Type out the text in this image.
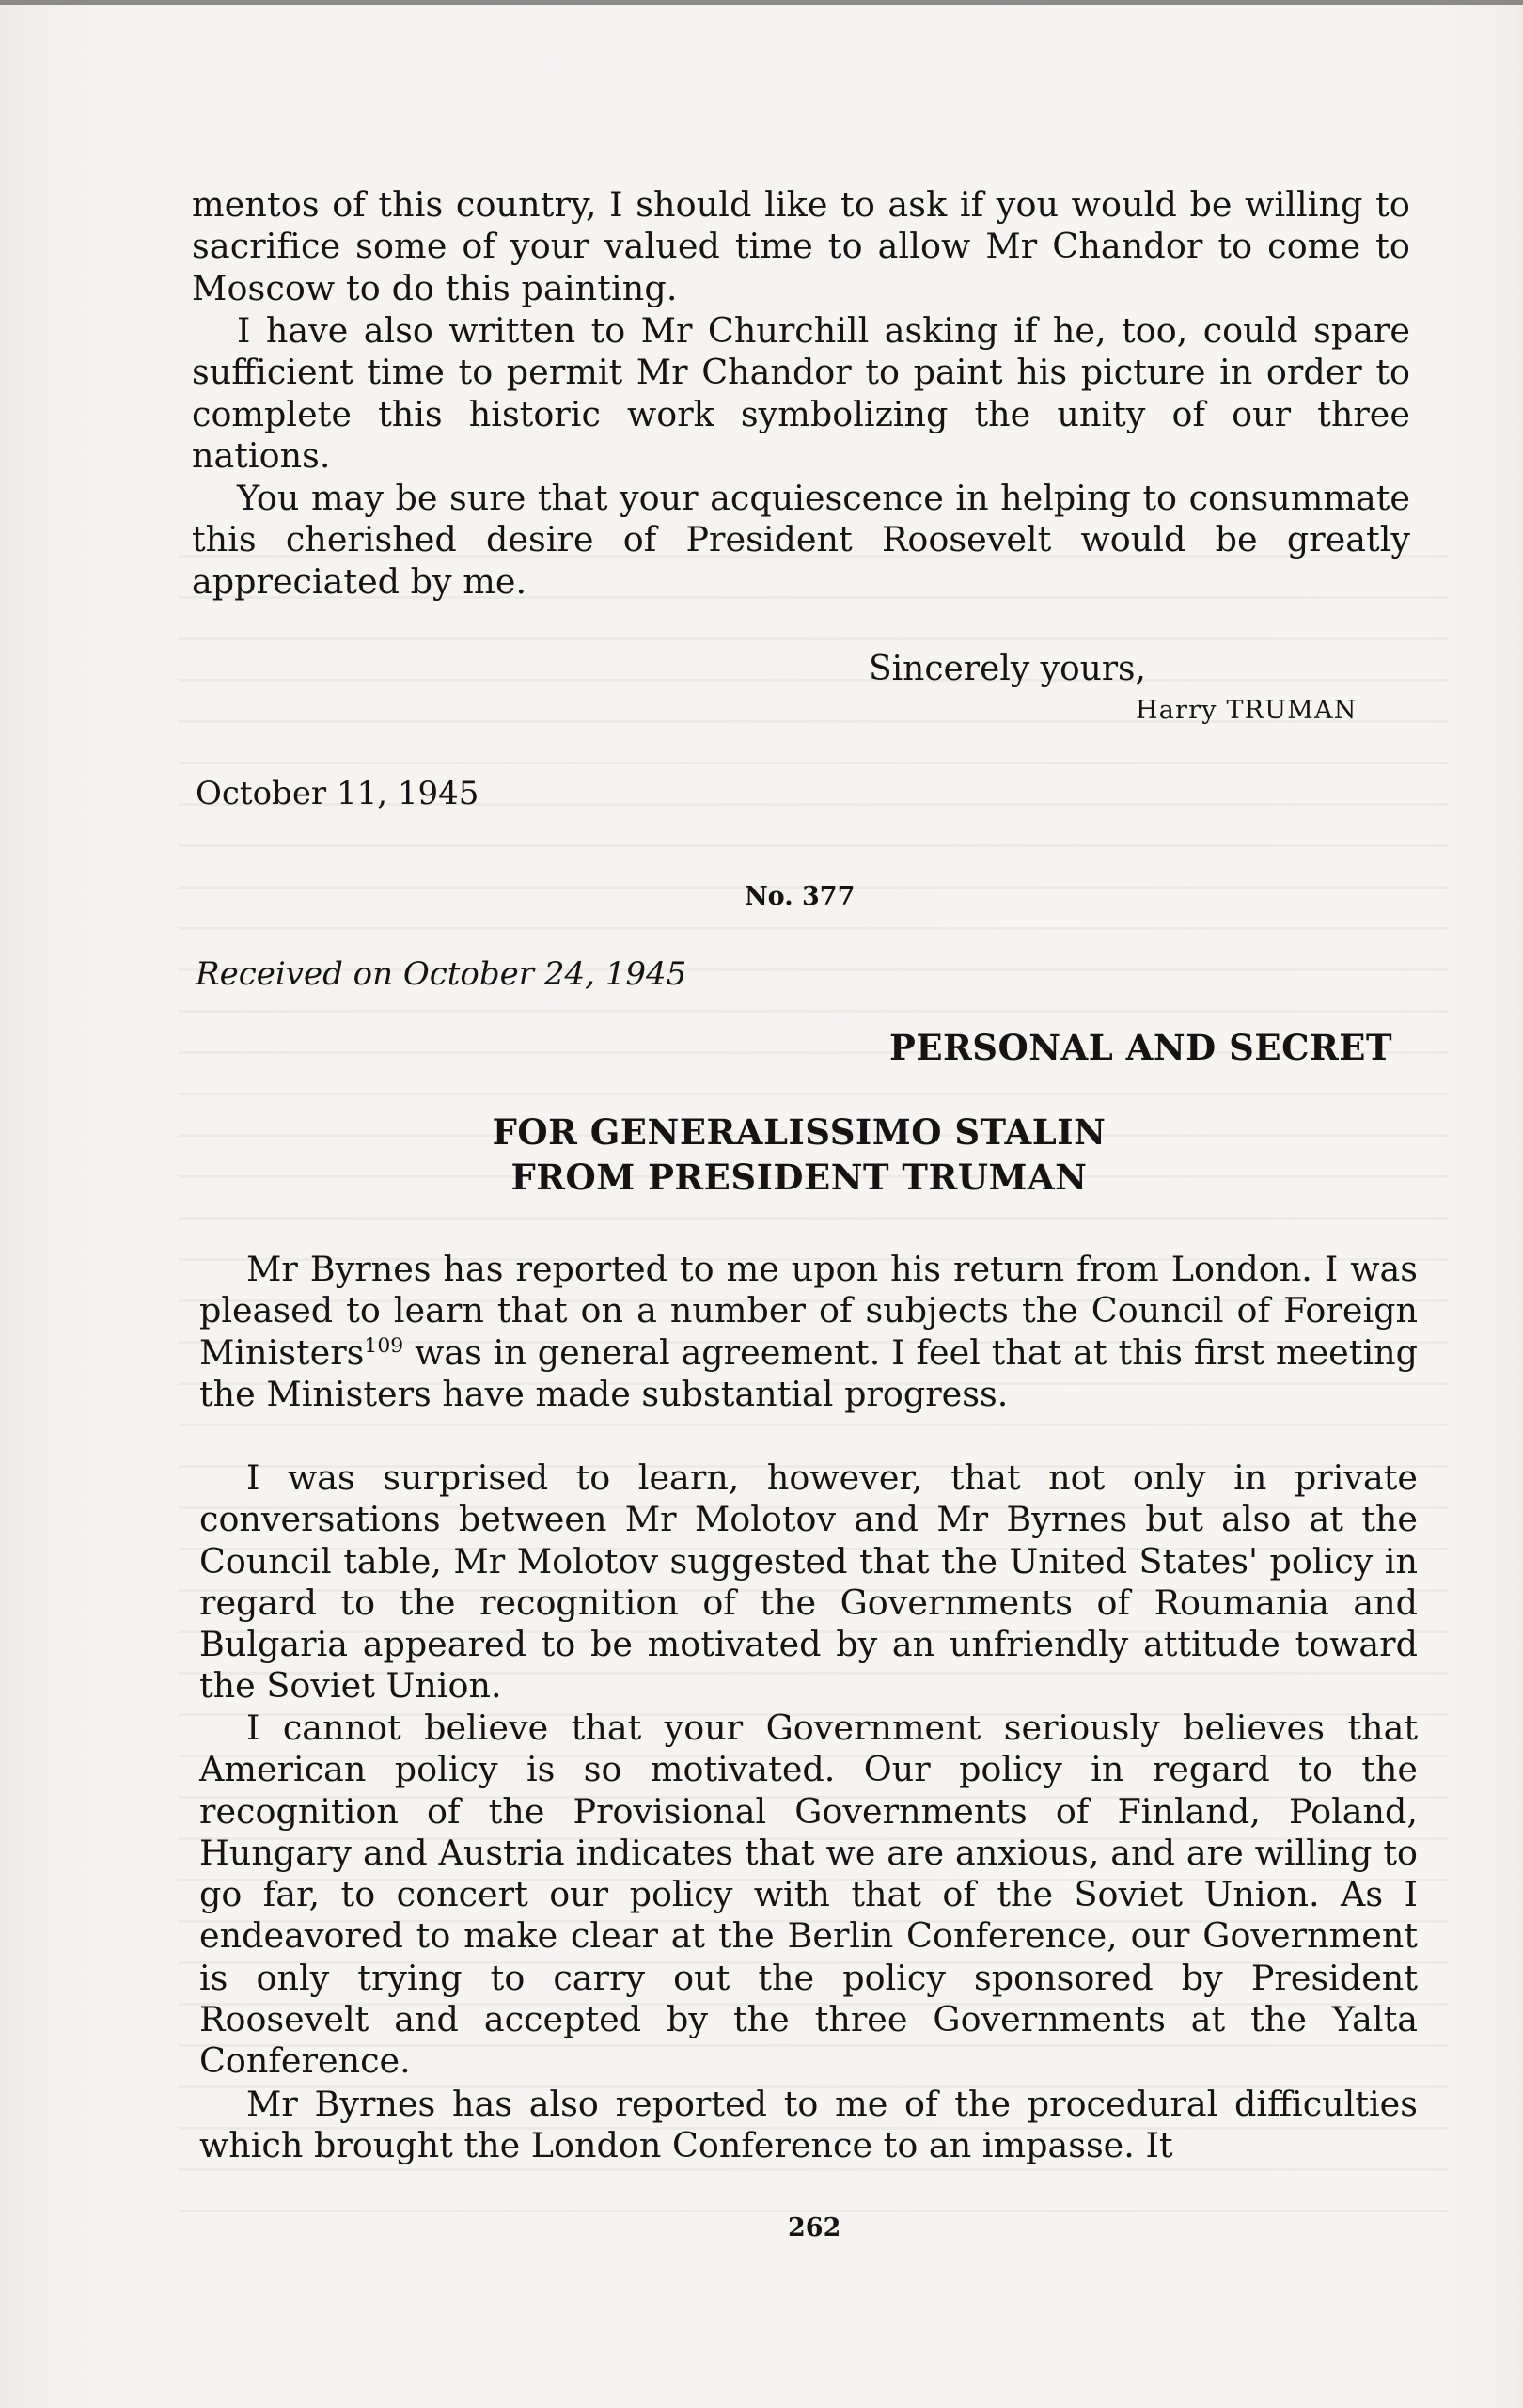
mentos of this country, I should like to ask if you would be willing to sacrifice some of your valued time to allow Mr Chandor to come to Moscow to do this painting.

I have also written to Mr Churchill asking if he, too, could spare sufficient time to permit Mr Chandor to paint his picture in order to complete this historic work symbolizing the unity of our three nations.

You may be sure that your acquiescence in helping to consummate this cherished desire of President Roosevelt would be greatly appreciated by me.

Sincerely yours,
Harry TRUMAN
October 11, 1945
No. 377
Received on October 24, 1945
PERSONAL AND SECRET
FOR GENERALISSIMO STALIN
FROM PRESIDENT TRUMAN

Mr Byrnes has reported to me upon his return from London. I was pleased to learn that on a number of subjects the Council of Foreign Ministers$^{109}$ was in general agreement. I feel that at this first meeting the Ministers have made substantial progress.

I was surprised to learn, however, that not only in private conversations between Mr Molotov and Mr Byrnes but also at the Council table, Mr Molotov suggested that the United States' policy in regard to the recognition of the Governments of Roumania and Bulgaria appeared to be motivated by an unfriendly attitude toward the Soviet Union.

I cannot believe that your Government seriously believes that American policy is so motivated. Our policy in regard to the recognition of the Provisional Governments of Finland, Poland, Hungary and Austria indicates that we are anxious, and are willing to go far, to concert our policy with that of the Soviet Union. As I endeavored to make clear at the Berlin Conference, our Government is only trying to carry out the policy sponsored by President Roosevelt and accepted by the three Governments at the Yalta Conference.

Mr Byrnes has also reported to me of the procedural difficulties which brought the London Conference to an impasse. It

262
